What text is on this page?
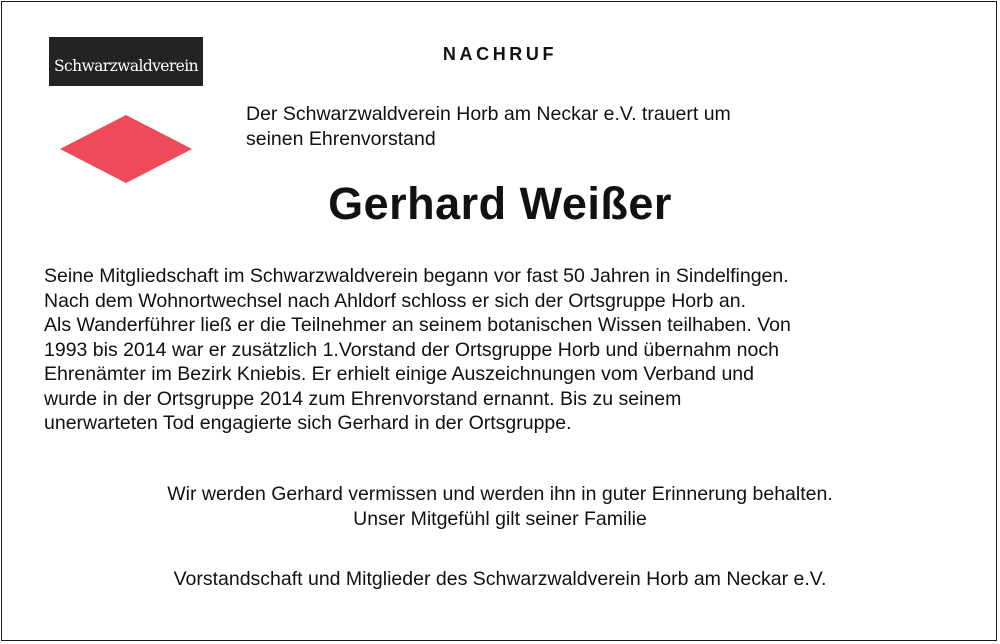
Schwarzwaldverein
NACHRUF
Der Schwarzwaldverein Horb am Neckar e.V. trauert um
seinen Ehrenvorstand
Gerhard Weißer
Seine Mitgliedschaft im Schwarzwaldverein begann vor fast 50 Jahren in Sindelfingen.
Nach dem Wohnortwechsel nach Ahldorf schloss er sich der Ortsgruppe Horb an.
Als Wanderführer ließ er die Teilnehmer an seinem botanischen Wissen teilhaben. Von
1993 bis 2014 war er zusätzlich 1.Vorstand der Ortsgruppe Horb und übernahm noch
Ehrenämter im Bezirk Kniebis. Er erhielt einige Auszeichnungen vom Verband und
wurde in der Ortsgruppe 2014 zum Ehrenvorstand ernannt. Bis zu seinem
unerwarteten Tod engagierte sich Gerhard in der Ortsgruppe.
Wir werden Gerhard vermissen und werden ihn in guter Erinnerung behalten.
Unser Mitgefühl gilt seiner Familie
Vorstandschaft und Mitglieder des Schwarzwaldverein Horb am Neckar e.V.
